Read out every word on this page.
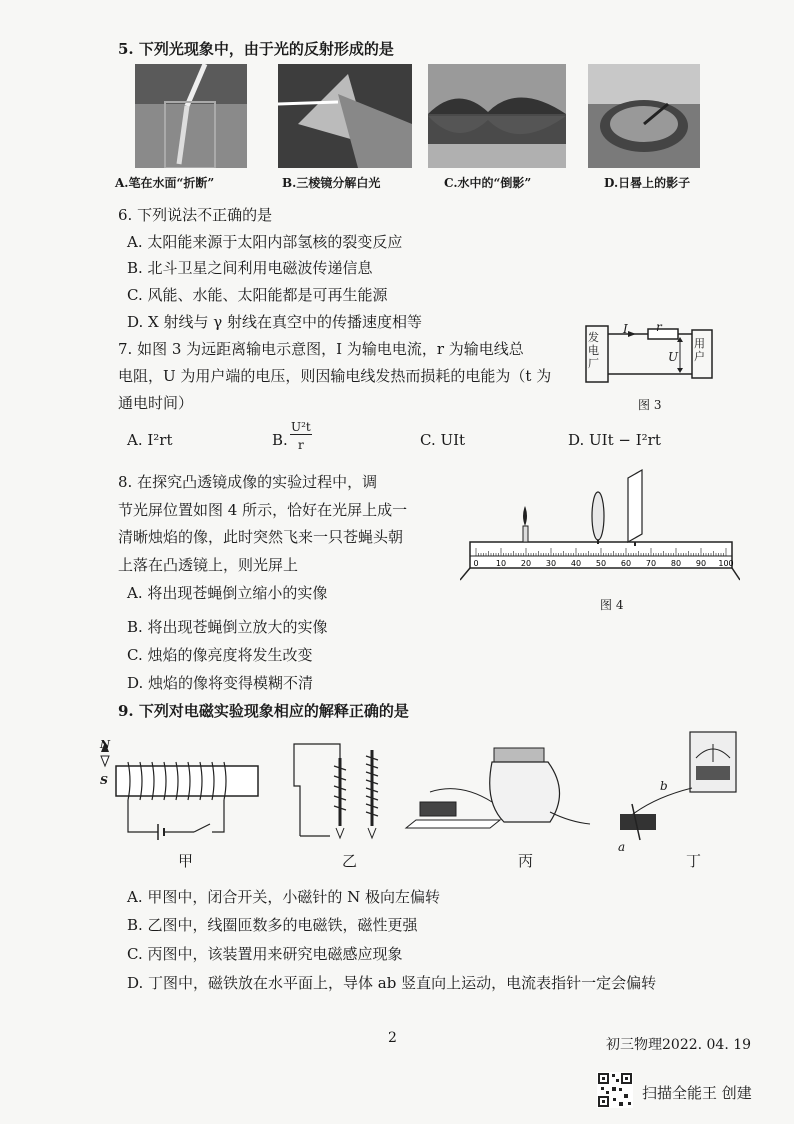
5. 下列光现象中，由于光的反射形成的是
A.笔在水面“折断”	B.三棱镜分解白光	C.水中的“倒影”	D.日晷上的影子
6. 下列说法不正确的是
A. 太阳能来源于太阳内部氢核的裂变反应
B. 北斗卫星之间利用电磁波传递信息
C. 风能、水能、太阳能都是可再生能源
D. X 射线与 γ 射线在真空中的传播速度相等
7. 如图 3 为远距离输电示意图，I 为输电电流，r 为输电线总
电阻，U 为用户端的电压，则因输电线发热而损耗的电能为（t 为
通电时间）
发电厂
用户
I r
U
图 3
A. I²rt	B.
U²t
r	C. UIt	D. UIt − I²rt
8. 在探究凸透镜成像的实验过程中，调
节光屏位置如图 4 所示，恰好在光屏上成一
清晰烛焰的像，此时突然飞来一只苍蝇头朝
上落在凸透镜上，则光屏上	0 10 20 30 40 50 60 70 80 90 100
图 4
A. 将出现苍蝇倒立缩小的实像
B. 将出现苍蝇倒立放大的实像
C. 烛焰的像亮度将发生改变
D. 烛焰的像将变得模糊不清
9. 下列对电磁实验现象相应的解释正确的是
N
S	b
a
甲	乙	丙	丁
A. 甲图中，闭合开关，小磁针的 N 极向左偏转
B. 乙图中，线圈匝数多的电磁铁，磁性更强
C. 丙图中，该装置用来研究电磁感应现象
D. 丁图中，磁铁放在水平面上，导体 ab 竖直向上运动，电流表指针一定会偏转
2	初三物理2022. 04. 19
扫描全能王 创建
